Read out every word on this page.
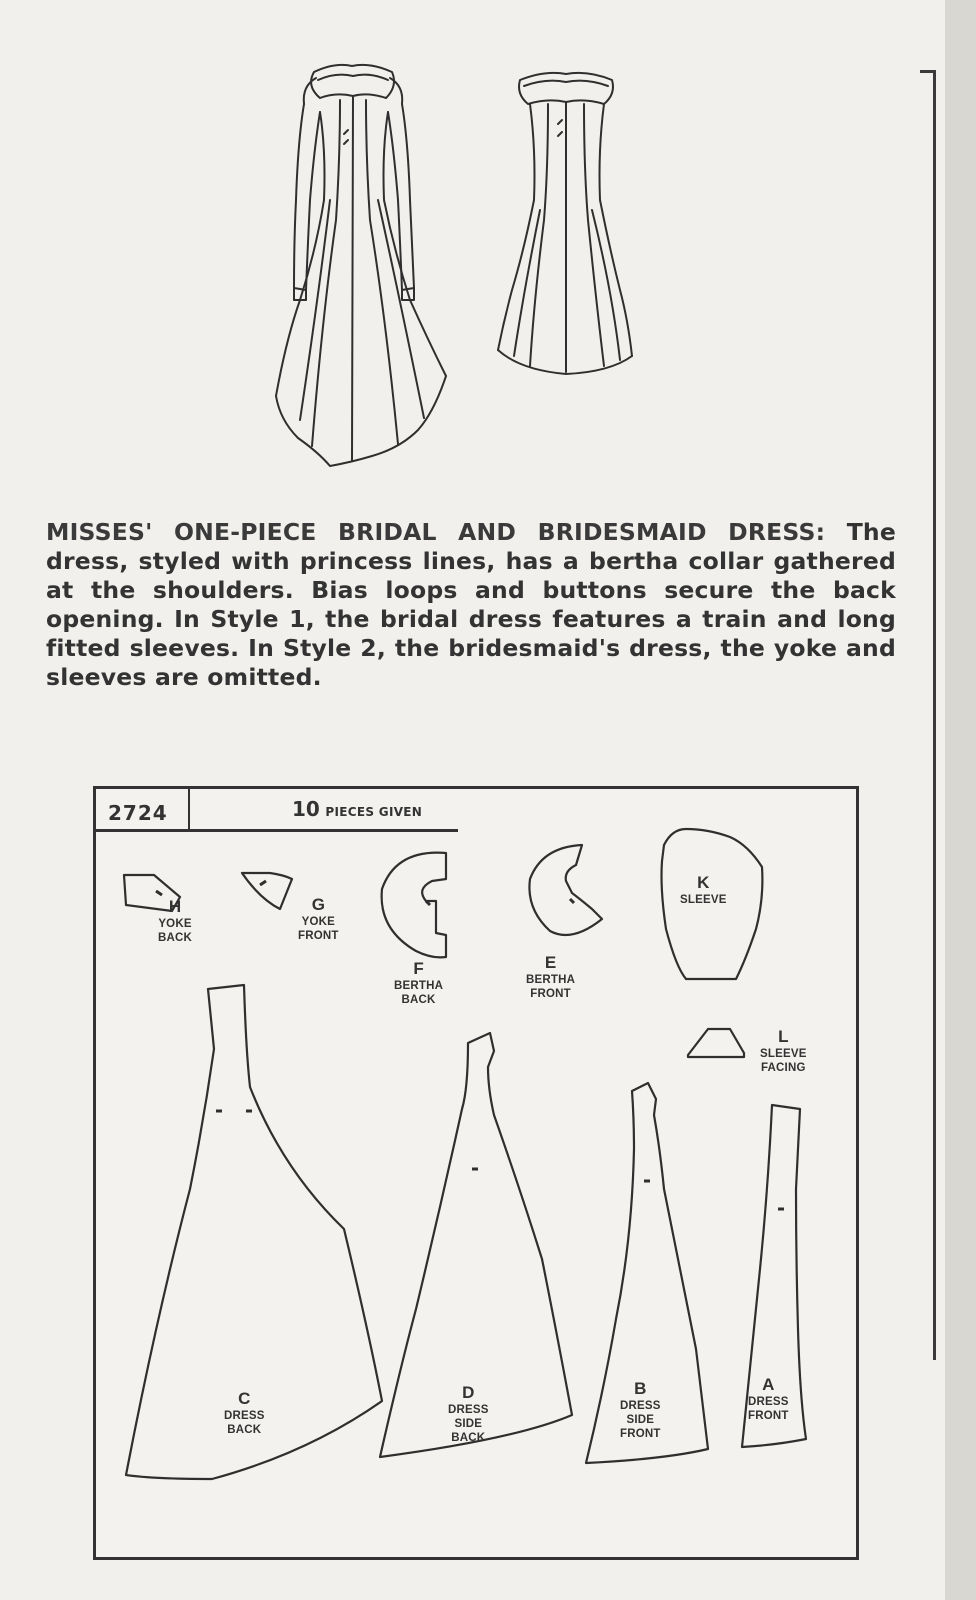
MISSES' ONE-PIECE BRIDAL AND BRIDESMAID DRESS: The dress, styled with princess lines, has a bertha collar gathered at the shoulders. Bias loops and buttons secure the back opening. In Style 1, the bridal dress features a train and long fitted sleeves. In Style 2, the bridesmaid's dress, the yoke and sleeves are omitted.
2724	10 PIECES GIVEN
H
YOKE
BACK
G
YOKE
FRONT
F
BERTHA
BACK
E
BERTHA
FRONT
K
SLEEVE
L
SLEEVE
FACING
C
DRESS
BACK
D
DRESS
SIDE
BACK
B
DRESS
SIDE
FRONT
A
DRESS
FRONT
